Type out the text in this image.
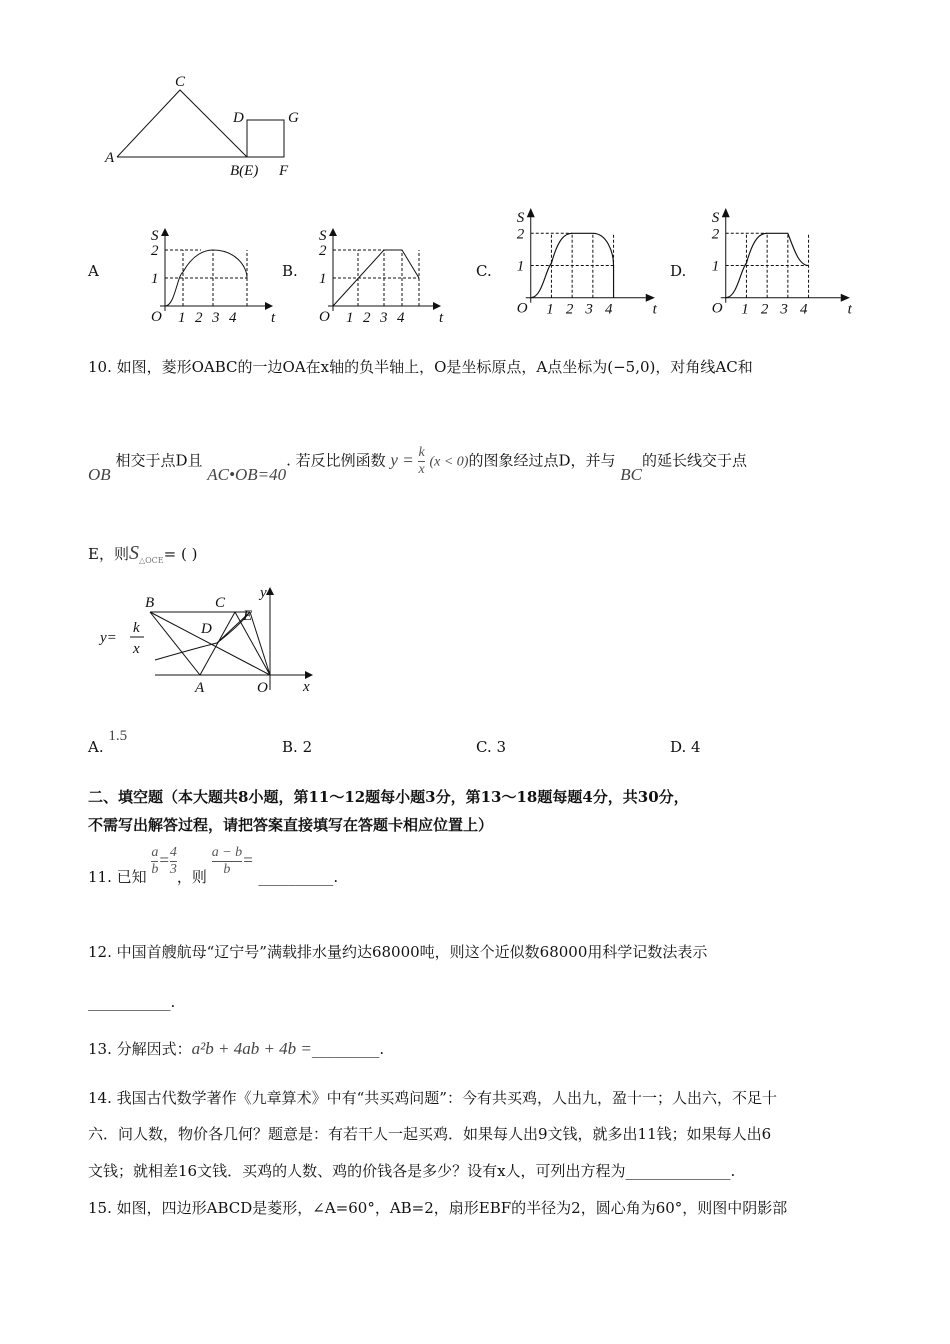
A
B(E)
C
D	G
F
10. 如图，菱形OABC的一边OA在x轴的负半轴上，O是坐标原点，A点坐标为(−5,0)，对角线AC和
OB 相交于点D且 AC•OB=40. 若反比例函数 $y = \frac{k}{x} (x < 0)$的图象经过点D，并与 BC的延长线交于点
E，则$S_{\triangle OCE}=$ ( )
B	C
D
E
A	O x
y
y=
k
x
二、填空题（本大题共8小题，第11～12题每小题3分，第13～18题每题4分，共30分，
不需写出解答过程，请把答案直接填写在答题卡相应位置上）
11. 已知 $\frac{a}{b} = \frac{4}{3}$ ，则 $\frac{a - b}{b}$ = __________.
12. 中国首艘航母“辽宁号”满载排水量约达68000吨，则这个近似数68000用科学记数法表示
___________.
13. 分解因式：a²b + 4ab + 4b =_________.
14. 我国古代数学著作《九章算术》中有“共买鸡问题”：今有共买鸡，人出九，盈十一；人出六，不足十
六．问人数，物价各几何？题意是：有若干人一起买鸡．如果每人出9文钱，就多出11钱；如果每人出6
文钱；就相差16文钱．买鸡的人数、鸡的价钱各是多少？设有x人，可列出方程为______________.
15. 如图，四边形ABCD是菱形，∠A=60°，AB=2，扇形EBF的半径为2，圆心角为60°，则图中阴影部
A
S
2
1
O 1 2 3 4 t
B.
S
2
1
O 1 2 3 4 t
C.
S
2
1
O 1 2 3 4	t
D.
S
2
1
O 1 2 3 4	t
A. 1.5
B. 2	C. 3	D. 4
